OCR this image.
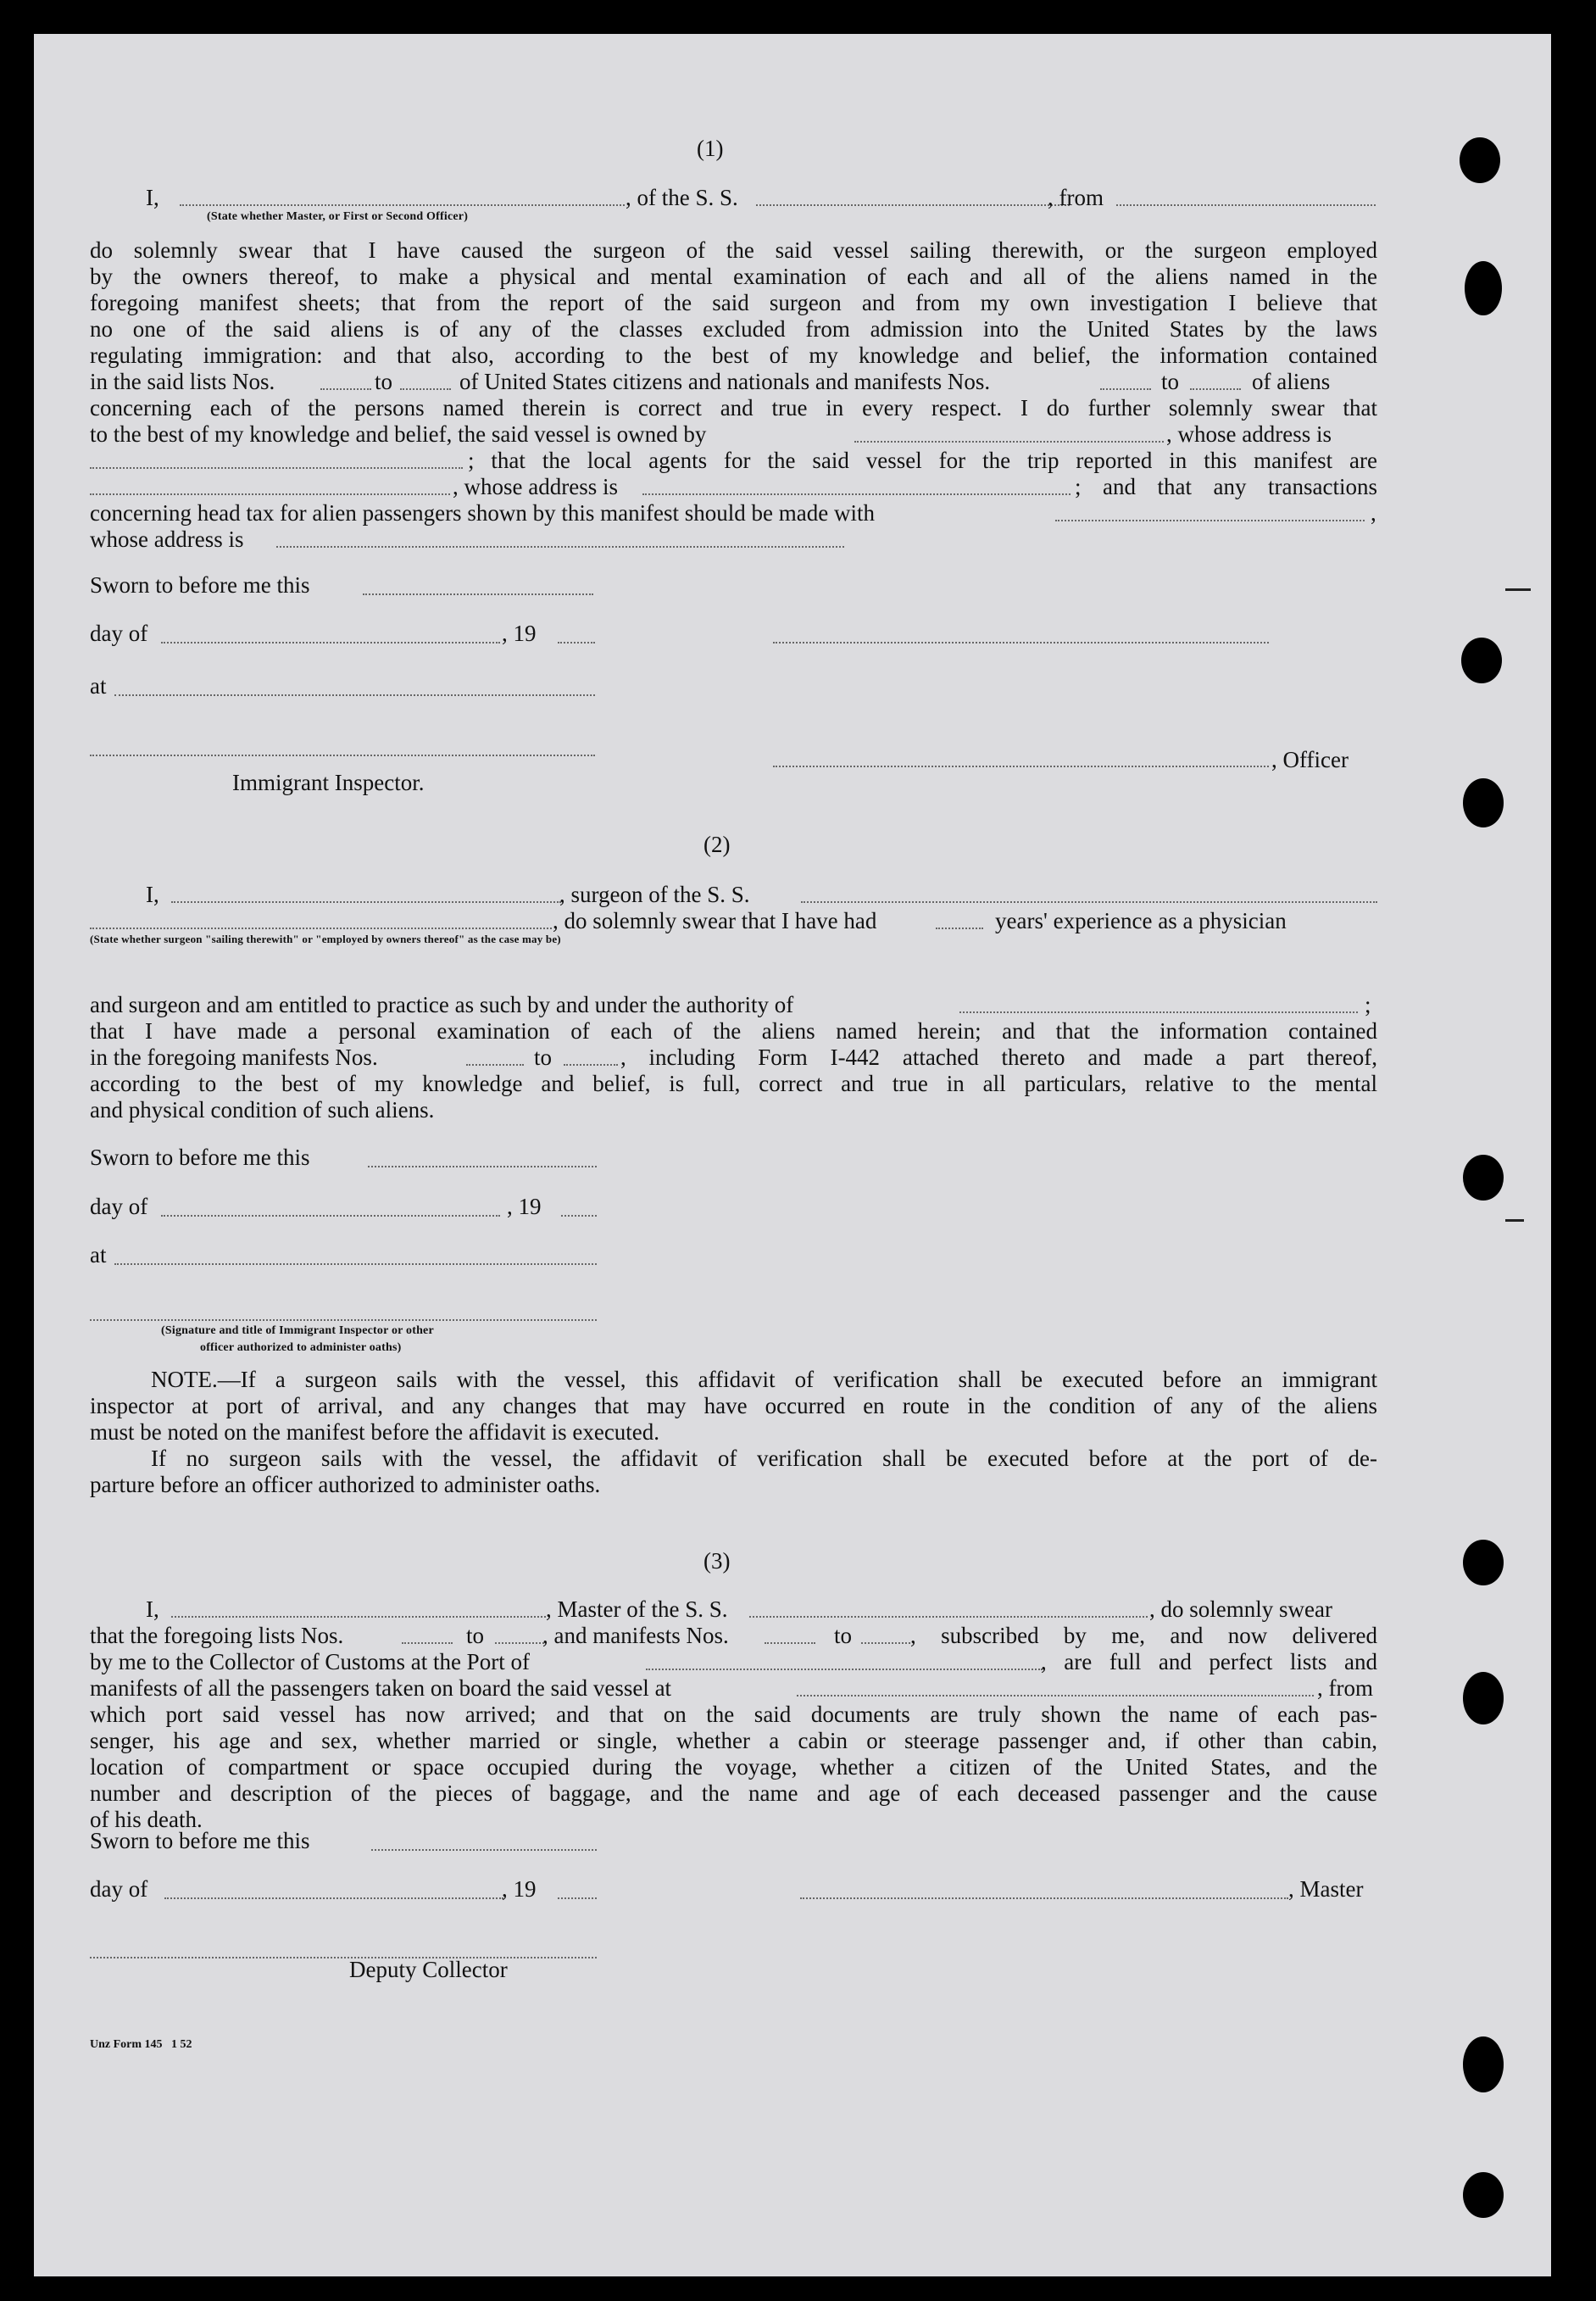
(1)
I,	, of the S. S.	, from
(State whether Master, or First or Second Officer)

do solemnly swear that I have caused the surgeon of the said vessel sailing therewith, or the surgeon employed

by the owners thereof, to make a physical and mental examination of each and all of the aliens named in the

foregoing manifest sheets; that from the report of the said surgeon and from my own investigation I believe that

no one of the said aliens is of any of the classes excluded from admission into the United States by the laws

regulating immigration: and that also, according to the best of my knowledge and belief, the information contained

in the said lists Nos.	to	of United States citizens and nationals and manifests Nos.	to	of aliens
concerning each of the persons named therein is correct and true in every respect. I do further solemnly swear that
to the best of my knowledge and belief, the said vessel is owned by	, whose address is
; that the local agents for the said vessel for the trip reported in this manifest are
, whose address is	; and that any transactions
concerning head tax for alien passengers shown by this manifest should be made with	,
whose address is
Sworn to before me this
day of	, 19
at
Immigrant Inspector.
, Officer
(2)
I,	, surgeon of the S. S.
, do solemnly swear that I have had	years' experience as a physician
(State whether surgeon "sailing therewith" or "employed by owners thereof" as the case may be)
and surgeon and am entitled to practice as such by and under the authority of	;
that I have made a personal examination of each of the aliens named herein; and that the information contained
in the foregoing manifests Nos.	to	, including Form I-442 attached thereto and made a part thereof,
according to the best of my knowledge and belief, is full, correct and true in all particulars, relative to the mental
and physical condition of such aliens.
Sworn to before me this
day of	, 19
at
(Signature and title of Immigrant Inspector or other
officer authorized to administer oaths)

NOTE.—If a surgeon sails with the vessel, this affidavit of verification shall be executed before an immigrant

inspector at port of arrival, and any changes that may have occurred en route in the condition of any of the aliens

must be noted on the manifest before the affidavit is executed.

If no surgeon sails with the vessel, the affidavit of verification shall be executed before at the port of de-

parture before an officer authorized to administer oaths.

(3)
I,	, Master of the S. S.	, do solemnly swear
that the foregoing lists Nos.	to	, and manifests Nos.	to	, subscribed by me, and now delivered
by me to the Collector of Customs at the Port of	, are full and perfect lists and
manifests of all the passengers taken on board the said vessel at	, from

which port said vessel has now arrived; and that on the said documents are truly shown the name of each pas-

senger, his age and sex, whether married or single, whether a cabin or steerage passenger and, if other than cabin,

location of compartment or space occupied during the voyage, whether a citizen of the United States, and the

number and description of the pieces of baggage, and the name and age of each deceased passenger and the cause

of his death.
Sworn to before me this
day of	, 19	, Master
Deputy Collector
Unz Form 145   1 52
